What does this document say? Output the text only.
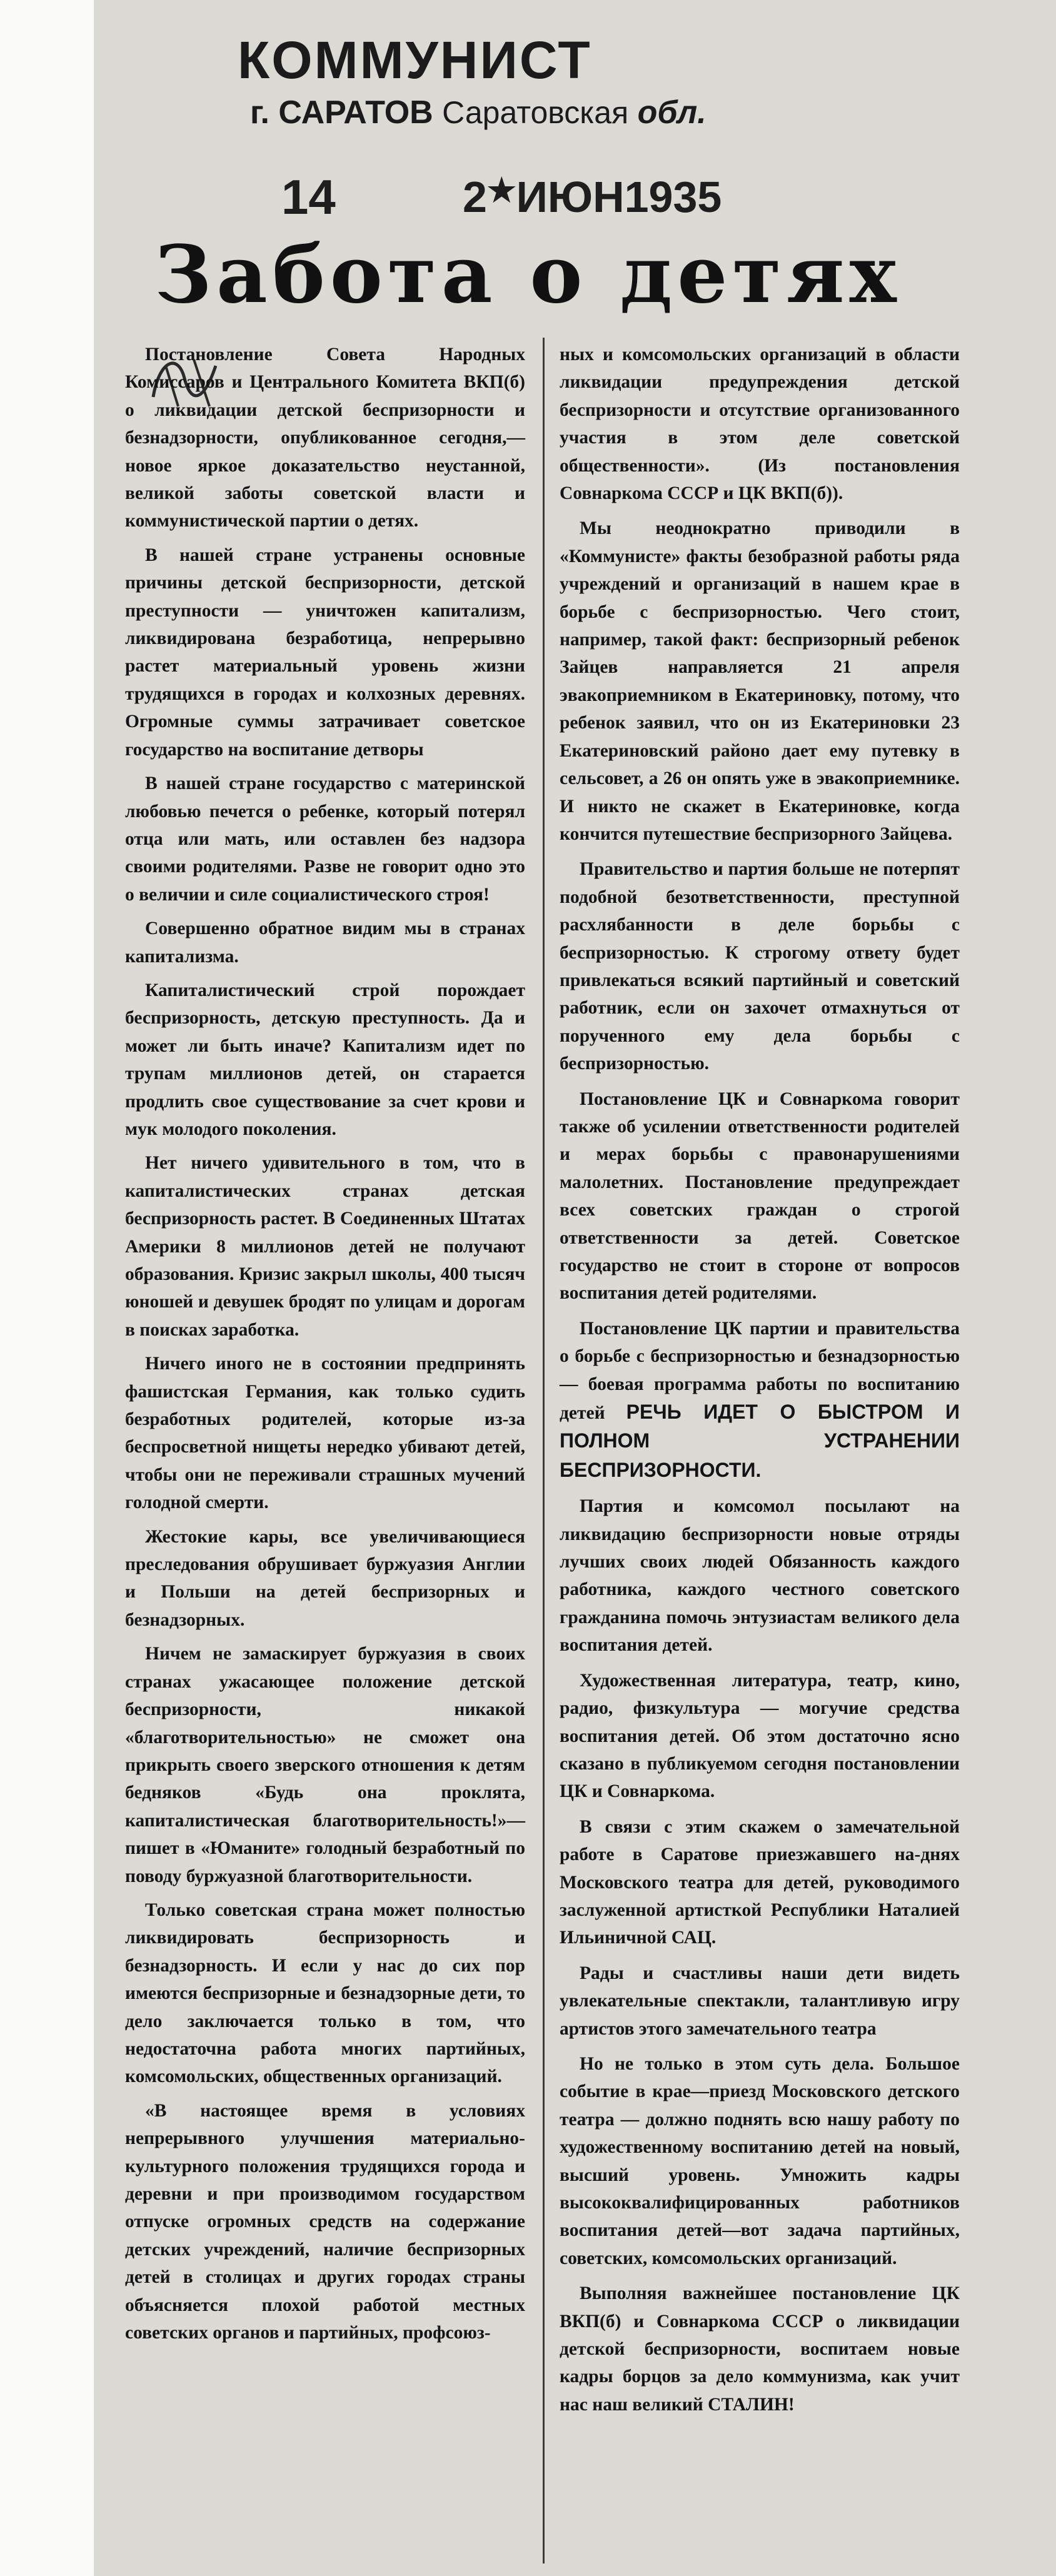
КОММУНИСТ
г. САРАТОВ Саратовская обл.
14	2★ИЮН1935
Забота о детях

Постановление Совета Народных Комиссаров и Центрального Комитета ВКП(б) о ликвидации детской беспризорности и безнадзорности, опубликованное сегодня,—новое яркое доказательство неустанной, великой заботы советской власти и коммунистической партии о детях.

В нашей стране устранены основные причины детской беспризорности, детской преступности — уничтожен капитализм, ликвидирована безработица, непрерывно растет материальный уровень жизни трудящихся в городах и колхозных деревнях. Огромные суммы затрачивает советское государство на воспитание детворы

В нашей стране государство с материнской любовью печется о ребенке, который потерял отца или мать, или оставлен без надзора своими родителями. Разве не говорит одно это о величии и силе социалистического строя!

Совершенно обратное видим мы в странах капитализма.

Капиталистический строй порождает беспризорность, детскую преступность. Да и может ли быть иначе? Капитализм идет по трупам миллионов детей, он старается продлить свое существование за счет крови и мук молодого поколения.

Нет ничего удивительного в том, что в капиталистических странах детская беспризорность растет. В Соединенных Штатах Америки 8 миллионов детей не получают образования. Кризис закрыл школы, 400 тысяч юношей и девушек бродят по улицам и дорогам в поисках заработка.

Ничего иного не в состоянии предпринять фашистская Германия, как только судить безработных родителей, которые из-за беспросветной нищеты нередко убивают детей, чтобы они не переживали страшных мучений голодной смерти.

Жестокие кары, все увеличивающиеся преследования обрушивает буржуазия Англии и Польши на детей беспризорных и безнадзорных.

Ничем не замаскирует буржуазия в своих странах ужасающее положение детской беспризорности, никакой «благотворительностью» не сможет она прикрыть своего зверского отношения к детям бедняков «Будь она проклята, капиталистическая благотворительность!»—пишет в «Юманите» голодный безработный по поводу буржуазной благотворительности.

Только советская страна может полностью ликвидировать беспризорность и безнадзорность. И если у нас до сих пор имеются беспризорные и безнадзорные дети, то дело заключается только в том, что недостаточна работа многих партийных, комсомольских, общественных организаций.

«В настоящее время в условиях непрерывного улучшения материально-культурного положения трудящихся города и деревни и при производимом государством отпуске огромных средств на содержание детских учреждений, наличие беспризорных детей в столицах и других городах страны объясняется плохой работой местных советских органов и партийных, профсоюз-

ных и комсомольских организаций в области ликвидации предупреждения детской беспризорности и отсутствие организованного участия в этом деле советской общественности». (Из постановления Совнаркома СССР и ЦК ВКП(б)).

Мы неоднократно приводили в «Коммунисте» факты безобразной работы ряда учреждений и организаций в нашем крае в борьбе с беспризорностью. Чего стоит, например, такой факт: беспризорный ребенок Зайцев направляется 21 апреля эвакоприемником в Екатериновку, потому, что ребенок заявил, что он из Екатериновки 23 Екатериновский районо дает ему путевку в сельсовет, а 26 он опять уже в эвакоприемнике. И никто не скажет в Екатериновке, когда кончится путешествие беспризорного Зайцева.

Правительство и партия больше не потерпят подобной безответственности, преступной расхлябанности в деле борьбы с беспризорностью. К строгому ответу будет привлекаться всякий партийный и советский работник, если он захочет отмахнуться от порученного ему дела борьбы с беспризорностью.

Постановление ЦК и Совнаркома говорит также об усилении ответственности родителей и мерах борьбы с правонарушениями малолетних. Постановление предупреждает всех советских граждан о строгой ответственности за детей. Советское государство не стоит в стороне от вопросов воспитания детей родителями.

Постановление ЦК партии и правительства о борьбе с беспризорностью и безнадзорностью — боевая программа работы по воспитанию детей РЕЧЬ ИДЕТ О БЫСТРОМ И ПОЛНОМ УСТРАНЕНИИ БЕСПРИЗОРНОСТИ.

Партия и комсомол посылают на ликвидацию беспризорности новые отряды лучших своих людей Обязанность каждого работника, каждого честного советского гражданина помочь энтузиастам великого дела воспитания детей.

Художественная литература, театр, кино, радио, физкультура — могучие средства воспитания детей. Об этом достаточно ясно сказано в публикуемом сегодня постановлении ЦК и Совнаркома.

В связи с этим скажем о замечательной работе в Саратове приезжавшего на-днях Московского театра для детей, руководимого заслуженной артисткой Республики Наталией Ильиничной САЦ.

Рады и счастливы наши дети видеть увлекательные спектакли, талантливую игру артистов этого замечательного театра

Но не только в этом суть дела. Большое событие в крае—приезд Московского детского театра — должно поднять всю нашу работу по художественному воспитанию детей на новый, высший уровень. Умножить кадры высококвалифицированных работников воспитания детей—вот задача партийных, советских, комсомольских организаций.

Выполняя важнейшее постановление ЦК ВКП(б) и Совнаркома СССР о ликвидации детской беспризорности, воспитаем новые кадры борцов за дело коммунизма, как учит нас наш великий СТАЛИН!
